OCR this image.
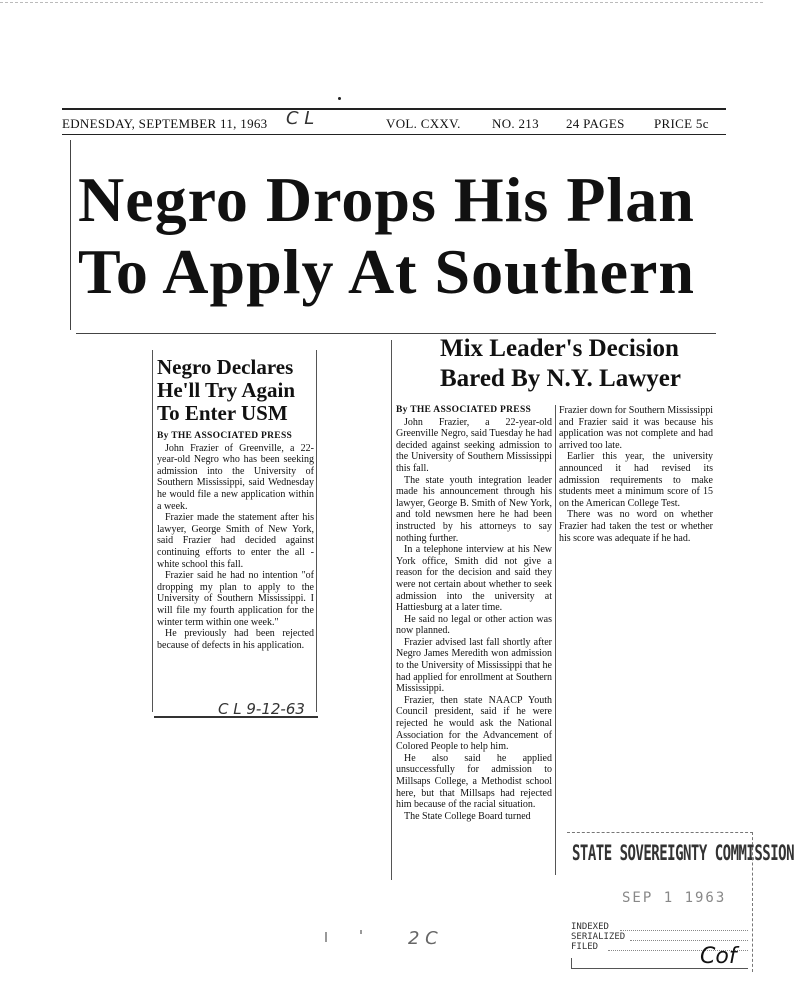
EDNESDAY, SEPTEMBER 11, 1963 C L	VOL. CXXV. NO. 213 24 PAGES PRICE 5c
Negro Drops His Plan
To Apply At Southern
Negro Declares
He'll Try Again
To Enter USM

By THE ASSOCIATED PRESS

John Frazier of Greenville, a 22-year-old Negro who has been seeking admission into the University of Southern Mississippi, said Wednesday he would file a new application within a week.

Frazier made the statement after his lawyer, George Smith of New York, said Frazier had decided against continuing efforts to enter the all - white school this fall.

Frazier said he had no intention "of dropping my plan to apply to the University of Southern Mississippi. I will file my fourth application for the winter term within one week."

He previously had been rejected because of defects in his application.

C L 9-12-63
Mix Leader's Decision
Bared By N.Y. Lawyer

By THE ASSOCIATED PRESS

John Frazier, a 22-year-old Greenville Negro, said Tuesday he had decided against seeking admission to the University of Southern Mississippi this fall.

The state youth integration leader made his announcement through his lawyer, George B. Smith of New York, and told newsmen here he had been instructed by his attorneys to say nothing further.

In a telephone interview at his New York office, Smith did not give a reason for the decision and said they were not certain about whether to seek admission into the university at Hattiesburg at a later time.

He said no legal or other action was now planned.

Frazier advised last fall shortly after Negro James Meredith won admission to the University of Mississippi that he had applied for enrollment at Southern Mississippi.

Frazier, then state NAACP Youth Council president, said if he were rejected he would ask the National Association for the Advancement of Colored People to help him.

He also said he applied unsuccessfully for admission to Millsaps College, a Methodist school here, but that Millsaps had rejected him because of the racial situation.

The State College Board turned

Frazier down for Southern Mississippi and Frazier said it was because his application was not complete and had arrived too late.

Earlier this year, the university announced it had revised its admission requirements to make students meet a minimum score of 15 on the American College Test.

There was no word on whether Frazier had taken the test or whether his score was adequate if he had.

STATE SOVEREIGNTY COMMISSION
SEP 1 1963
INDEXED
SERIALIZED
FILED	Cof
2 C
